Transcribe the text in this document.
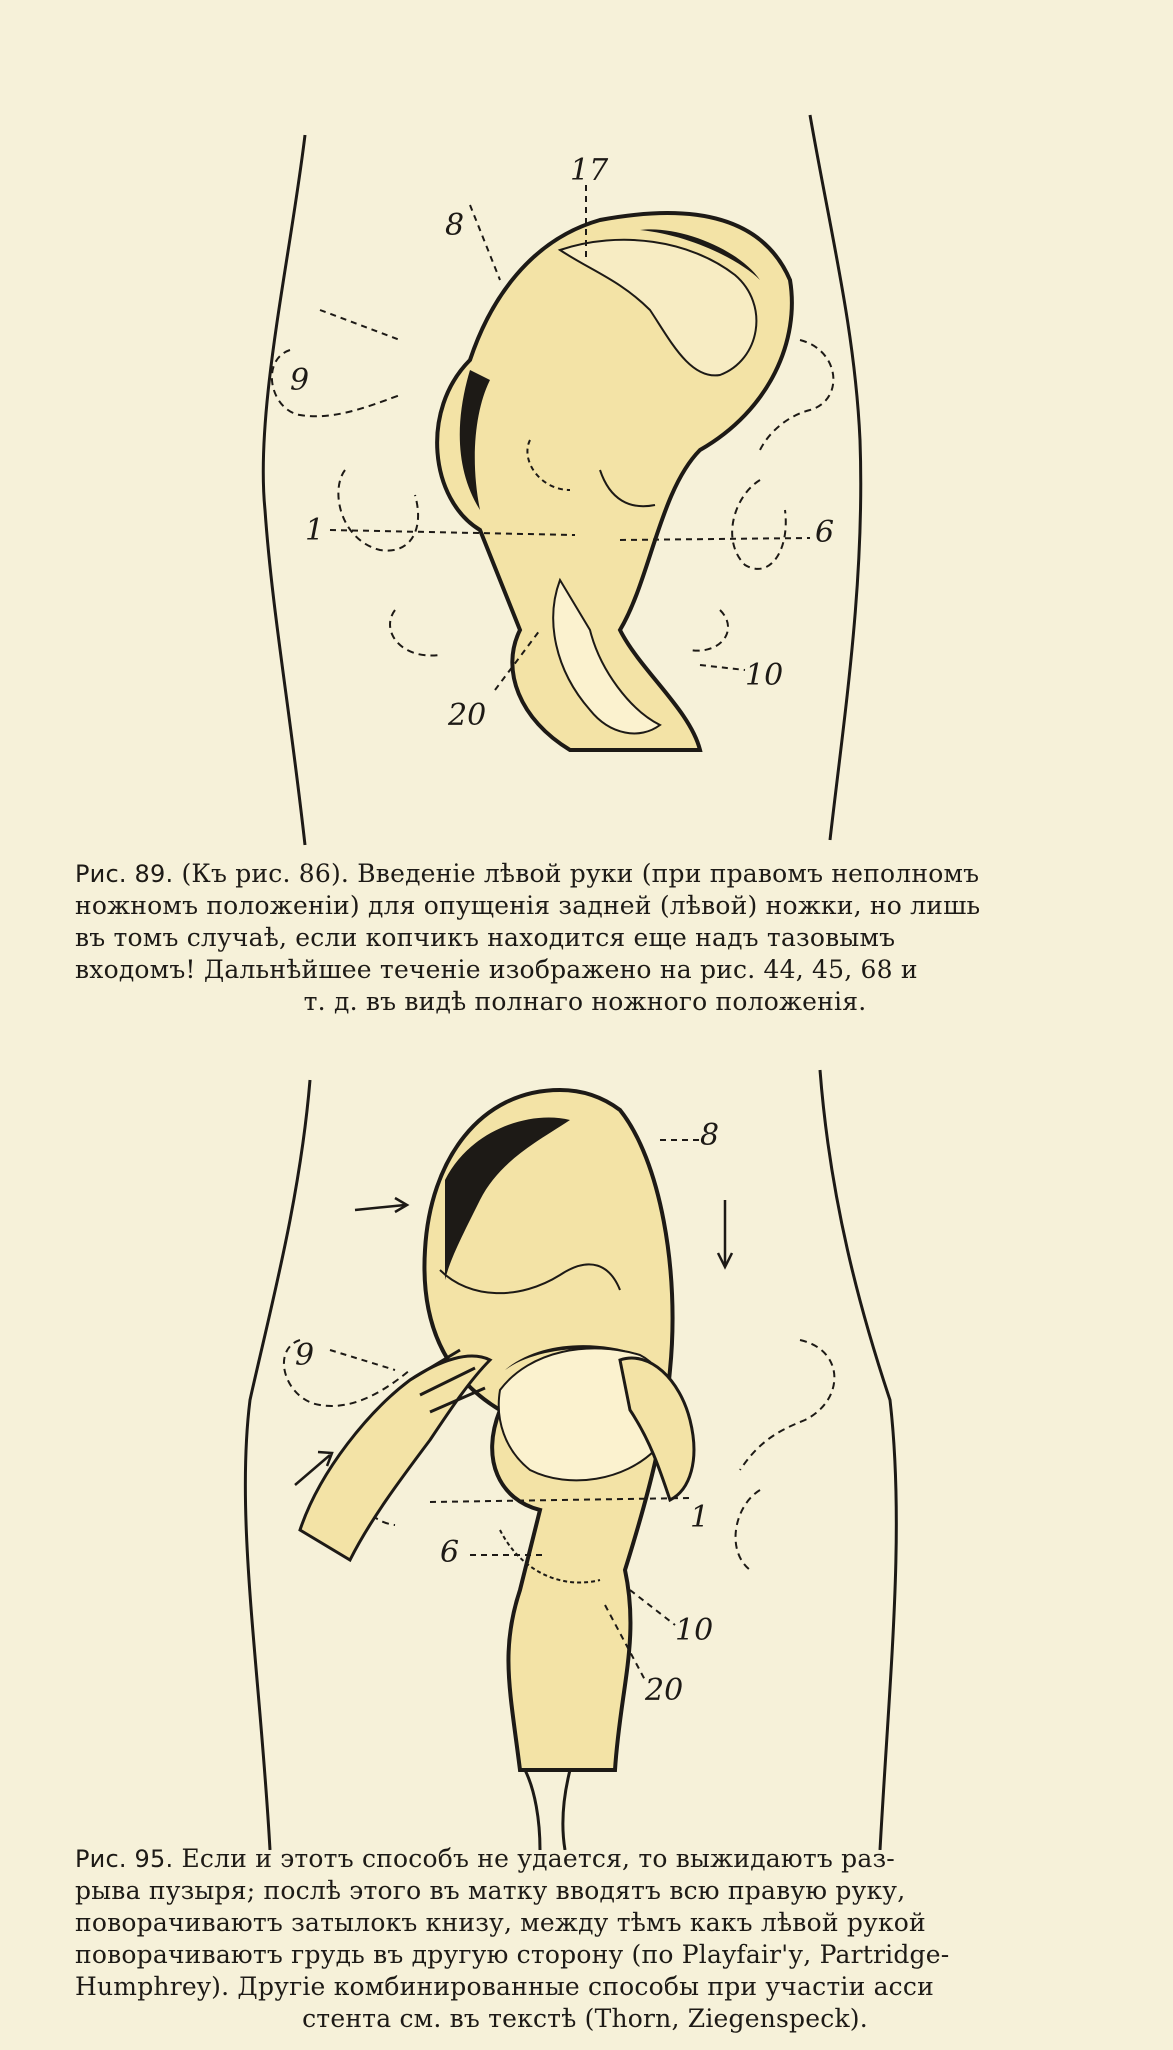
17
8
9
1	6
10
20

Рис. 89. (Къ рис. 86). Введеніе лѣвой руки (при правомъ неполномъ

ножномъ положеніи) для опущенія задней (лѣвой) ножки, но лишь

въ томъ случаѣ, если копчикъ находится еще надъ тазовымъ

входомъ! Дальнѣйшее теченіе изображено на рис. 44, 45, 68 и

т. д. въ видѣ полнаго ножного положенія.

8
9
6
1
10
20

Рис. 95. Если и этотъ способъ не удается, то выжидаютъ раз-

рыва пузыря; послѣ этого въ матку вводятъ всю правую руку,

поворачиваютъ затылокъ книзу, между тѣмъ какъ лѣвой рукой

поворачиваютъ грудь въ другую сторону (по Playfair'у, Partridge-

Humphrey). Другіе комбинированные способы при участіи асси

стента см. въ текстѣ (Thorn, Ziegenspeck).
